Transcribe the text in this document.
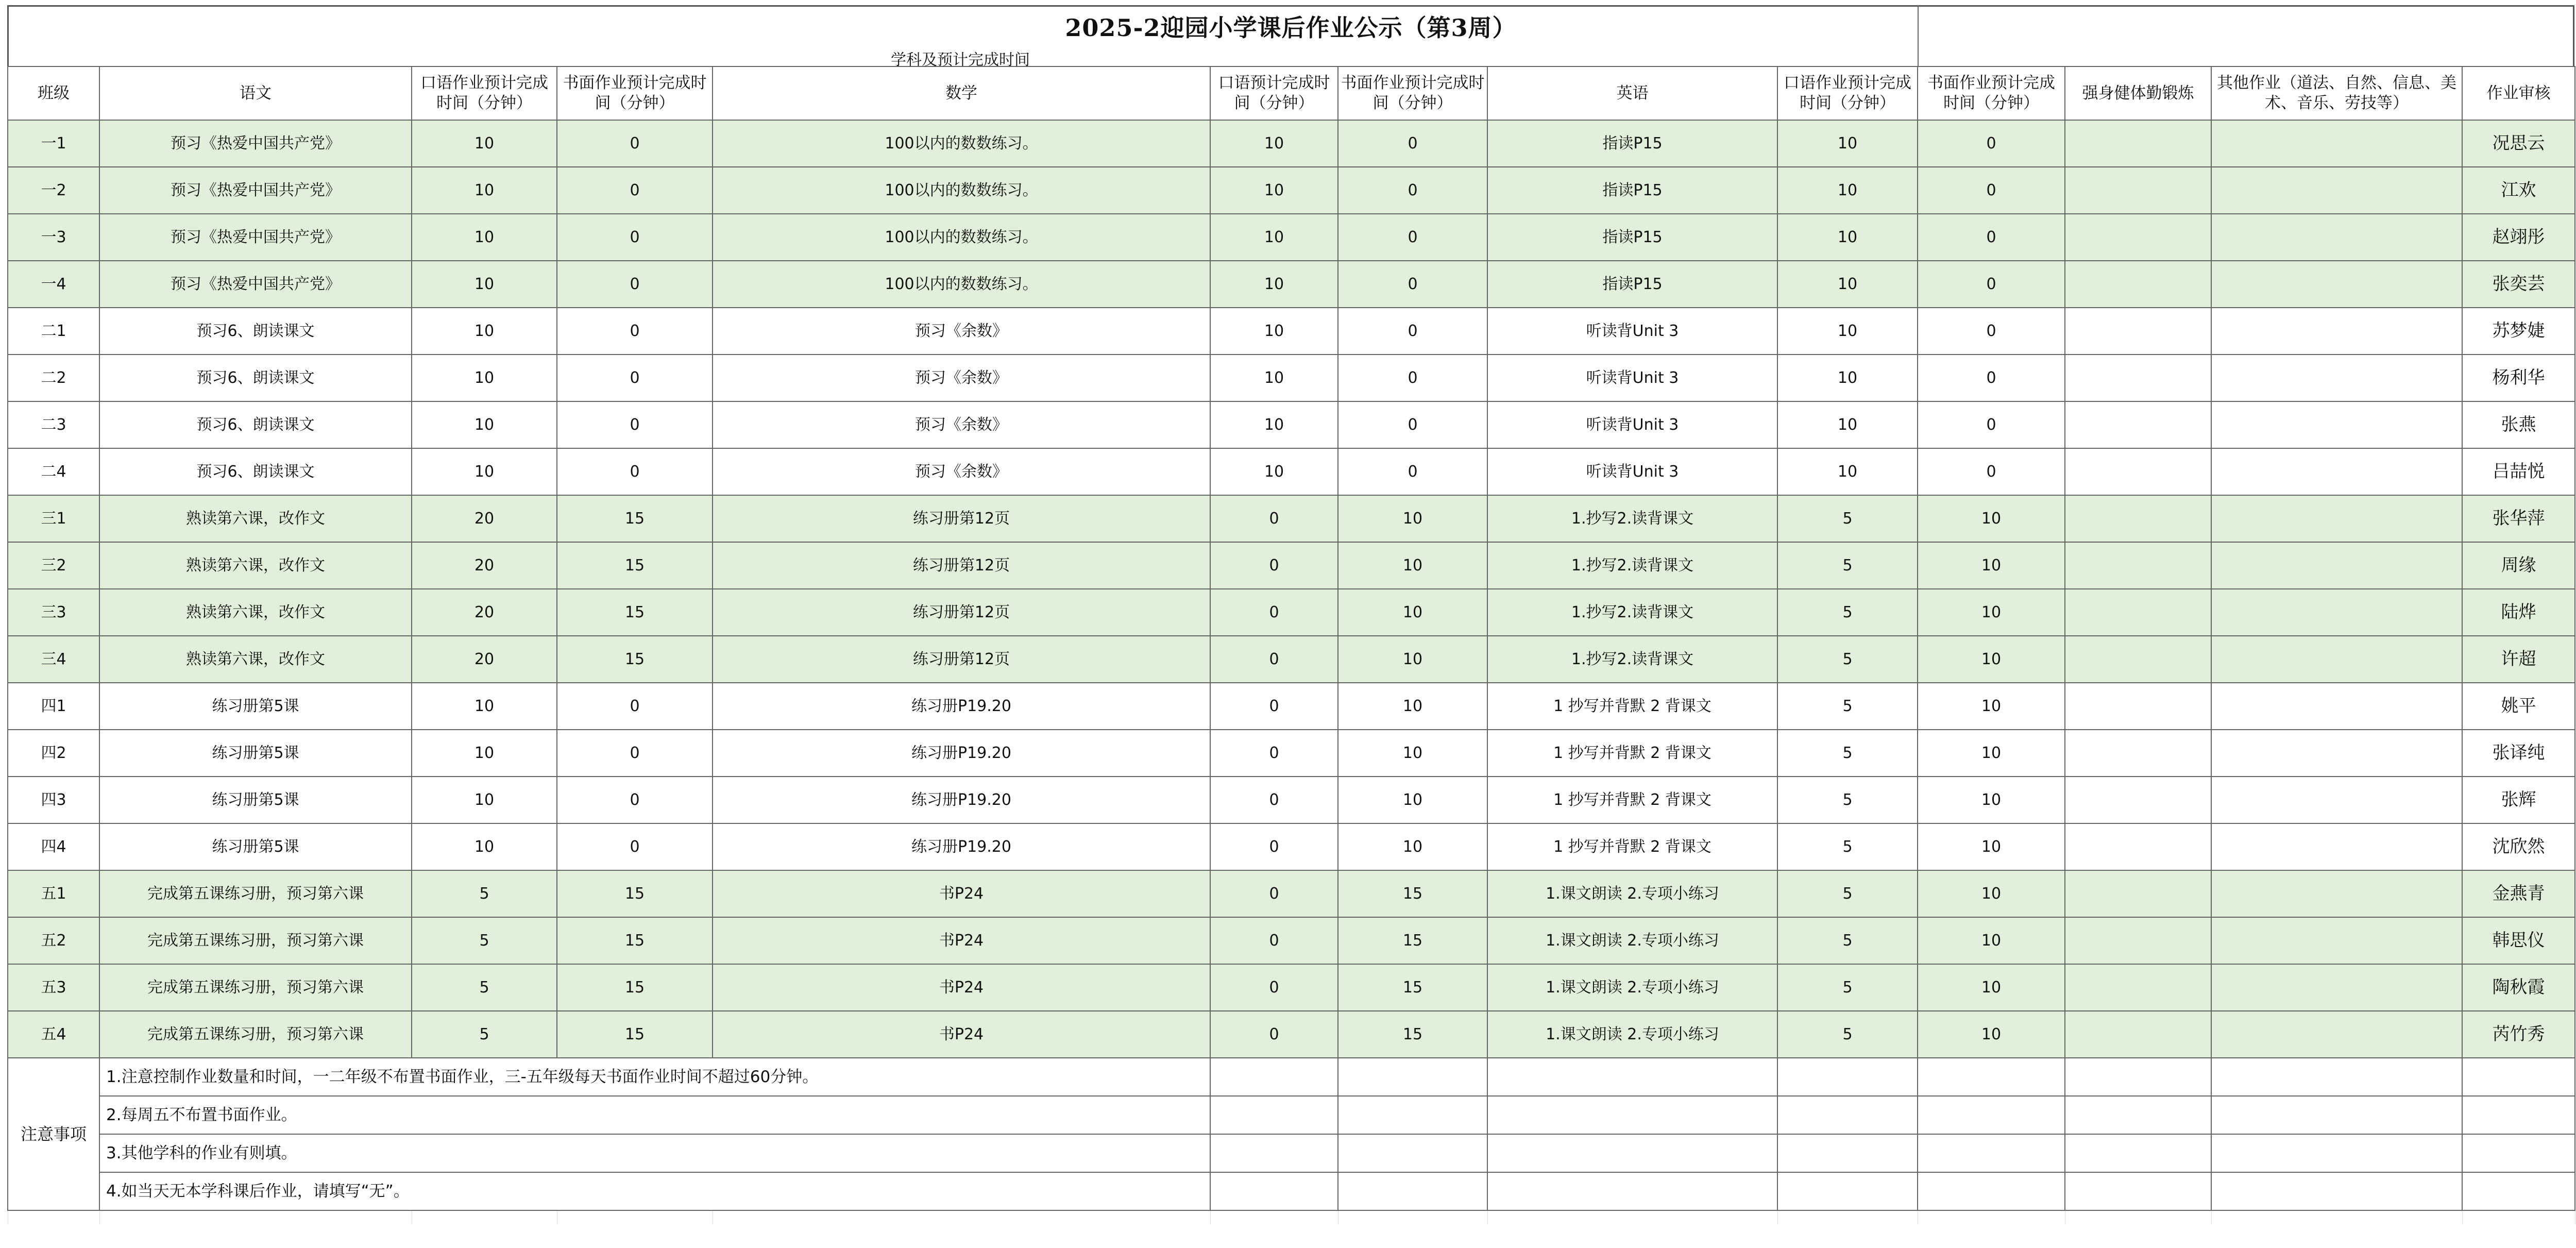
2025-2迎园小学课后作业公示（第3周）
学科及预计完成时间
班级	语文	口语作业预计完成时间（分钟）	书面作业预计完成时间（分钟）	数学	口语预计完成时间（分钟）	书面作业预计完成时间（分钟）	英语	口语作业预计完成时间（分钟）	书面作业预计完成时间（分钟）	强身健体勤锻炼	其他作业（道法、自然、信息、美术、音乐、劳技等）	作业审核
一1	预习《热爱中国共产党》	10	0	100以内的数数练习。	10	0	指读P15	10	0			况思云
一2	预习《热爱中国共产党》	10	0	100以内的数数练习。	10	0	指读P15	10	0			江欢
一3	预习《热爱中国共产党》	10	0	100以内的数数练习。	10	0	指读P15	10	0			赵翊彤
一4	预习《热爱中国共产党》	10	0	100以内的数数练习。	10	0	指读P15	10	0			张奕芸
二1	预习6、朗读课文	10	0	预习《余数》	10	0	听读背Unit 3	10	0			苏梦婕
二2	预习6、朗读课文	10	0	预习《余数》	10	0	听读背Unit 3	10	0			杨利华
二3	预习6、朗读课文	10	0	预习《余数》	10	0	听读背Unit 3	10	0			张燕
二4	预习6、朗读课文	10	0	预习《余数》	10	0	听读背Unit 3	10	0			吕喆悦
三1	熟读第六课，改作文	20	15	练习册第12页	0	10	1.抄写2.读背课文	5	10			张华萍
三2	熟读第六课，改作文	20	15	练习册第12页	0	10	1.抄写2.读背课文	5	10			周缘
三3	熟读第六课，改作文	20	15	练习册第12页	0	10	1.抄写2.读背课文	5	10			陆烨
三4	熟读第六课，改作文	20	15	练习册第12页	0	10	1.抄写2.读背课文	5	10			许超
四1	练习册第5课	10	0	练习册P19.20	0	10	1 抄写并背默 2 背课文	5	10			姚平
四2	练习册第5课	10	0	练习册P19.20	0	10	1 抄写并背默 2 背课文	5	10			张译纯
四3	练习册第5课	10	0	练习册P19.20	0	10	1 抄写并背默 2 背课文	5	10			张辉
四4	练习册第5课	10	0	练习册P19.20	0	10	1 抄写并背默 2 背课文	5	10			沈欣然
五1	完成第五课练习册，预习第六课	5	15	书P24	0	15	1.课文朗读 2.专项小练习	5	10			金燕青
五2	完成第五课练习册，预习第六课	5	15	书P24	0	15	1.课文朗读 2.专项小练习	5	10			韩思仪
五3	完成第五课练习册，预习第六课	5	15	书P24	0	15	1.课文朗读 2.专项小练习	5	10			陶秋霞
五4	完成第五课练习册，预习第六课	5	15	书P24	0	15	1.课文朗读 2.专项小练习	5	10			芮竹秀
注意事项	1.注意控制作业数量和时间，一二年级不布置书面作业，三-五年级每天书面作业时间不超过60分钟。											
	2.每周五不布置书面作业。											
	3.其他学科的作业有则填。											
	4.如当天无本学科课后作业，请填写“无”。											
